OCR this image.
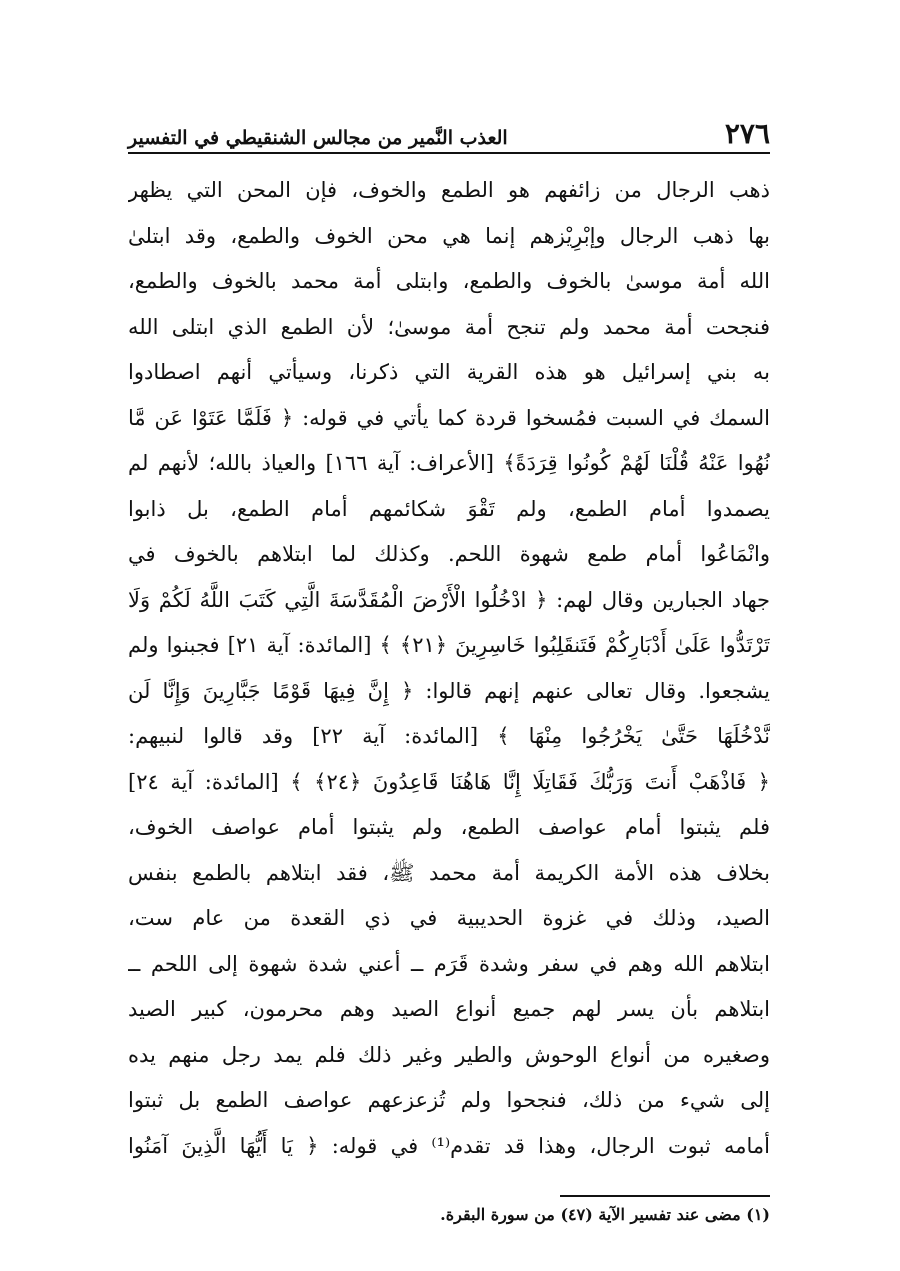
٢٧٦
العذب النَّمير من مجالس الشنقيطي في التفسير
ذهب الرجال من زائفهم هو الطمع والخوف، فإن المحن التي يظهر
بها ذهب الرجال وإبْرِيْزهم إنما هي محن الخوف والطمع، وقد ابتلىٰ
الله أمة موسىٰ بالخوف والطمع، وابتلى أمة محمد بالخوف والطمع،
فنجحت أمة محمد ولم تنجح أمة موسىٰ؛ لأن الطمع الذي ابتلى الله
به بني إسرائيل هو هذه القرية التي ذكرنا، وسيأتي أنهم اصطادوا
السمك في السبت فمُسخوا قردة كما يأتي في قوله: ﴿ فَلَمَّا عَتَوْا عَن مَّا
نُهُوا عَنْهُ قُلْنَا لَهُمْ كُونُوا قِرَدَةً﴾ [الأعراف: آية ١٦٦] والعياذ بالله؛ لأنهم لم
يصمدوا أمام الطمع، ولم تَقْوَ شكائمهم أمام الطمع، بل ذابوا
وانْمَاعُوا أمام طمع شهوة اللحم. وكذلك لما ابتلاهم بالخوف في
جهاد الجبارين وقال لهم: ﴿ ادْخُلُوا الْأَرْضَ الْمُقَدَّسَةَ الَّتِي كَتَبَ اللَّهُ لَكُمْ وَلَا
تَرْتَدُّوا عَلَىٰ أَدْبَارِكُمْ فَتَنقَلِبُوا خَاسِرِينَ ﴿٢١﴾ ﴾ [المائدة: آية ٢١] فجبنوا ولم
يشجعوا. وقال تعالى عنهم إنهم قالوا: ﴿ إِنَّ فِيهَا قَوْمًا جَبَّارِينَ وَإِنَّا لَن
نَّدْخُلَهَا حَتَّىٰ يَخْرُجُوا مِنْهَا ﴾ [المائدة: آية ٢٢] وقد قالوا لنبيهم:
﴿ فَاذْهَبْ أَنتَ وَرَبُّكَ فَقَاتِلَا إِنَّا هَاهُنَا قَاعِدُونَ ﴿٢٤﴾ ﴾ [المائدة: آية ٢٤]
فلم يثبتوا أمام عواصف الطمع، ولم يثبتوا أمام عواصف الخوف،
بخلاف هذه الأمة الكريمة أمة محمد ﷺ، فقد ابتلاهم بالطمع بنفس
الصيد، وذلك في غزوة الحديبية في ذي القعدة من عام ست،
ابتلاهم الله وهم في سفر وشدة قَرَم ــ أعني شدة شهوة إلى اللحم ــ
ابتلاهم بأن يسر لهم جميع أنواع الصيد وهم محرمون، كبير الصيد
وصغيره من أنواع الوحوش والطير وغير ذلك فلم يمد رجل منهم يده
إلى شيء من ذلك، فنجحوا ولم تُزعزعهم عواصف الطمع بل ثبتوا
أمامه ثبوت الرجال، وهذا قد تقدم⁽¹⁾ في قوله: ﴿ يَا أَيُّهَا الَّذِينَ آمَنُوا
(١) مضى عند تفسير الآية (٤٧) من سورة البقرة.
